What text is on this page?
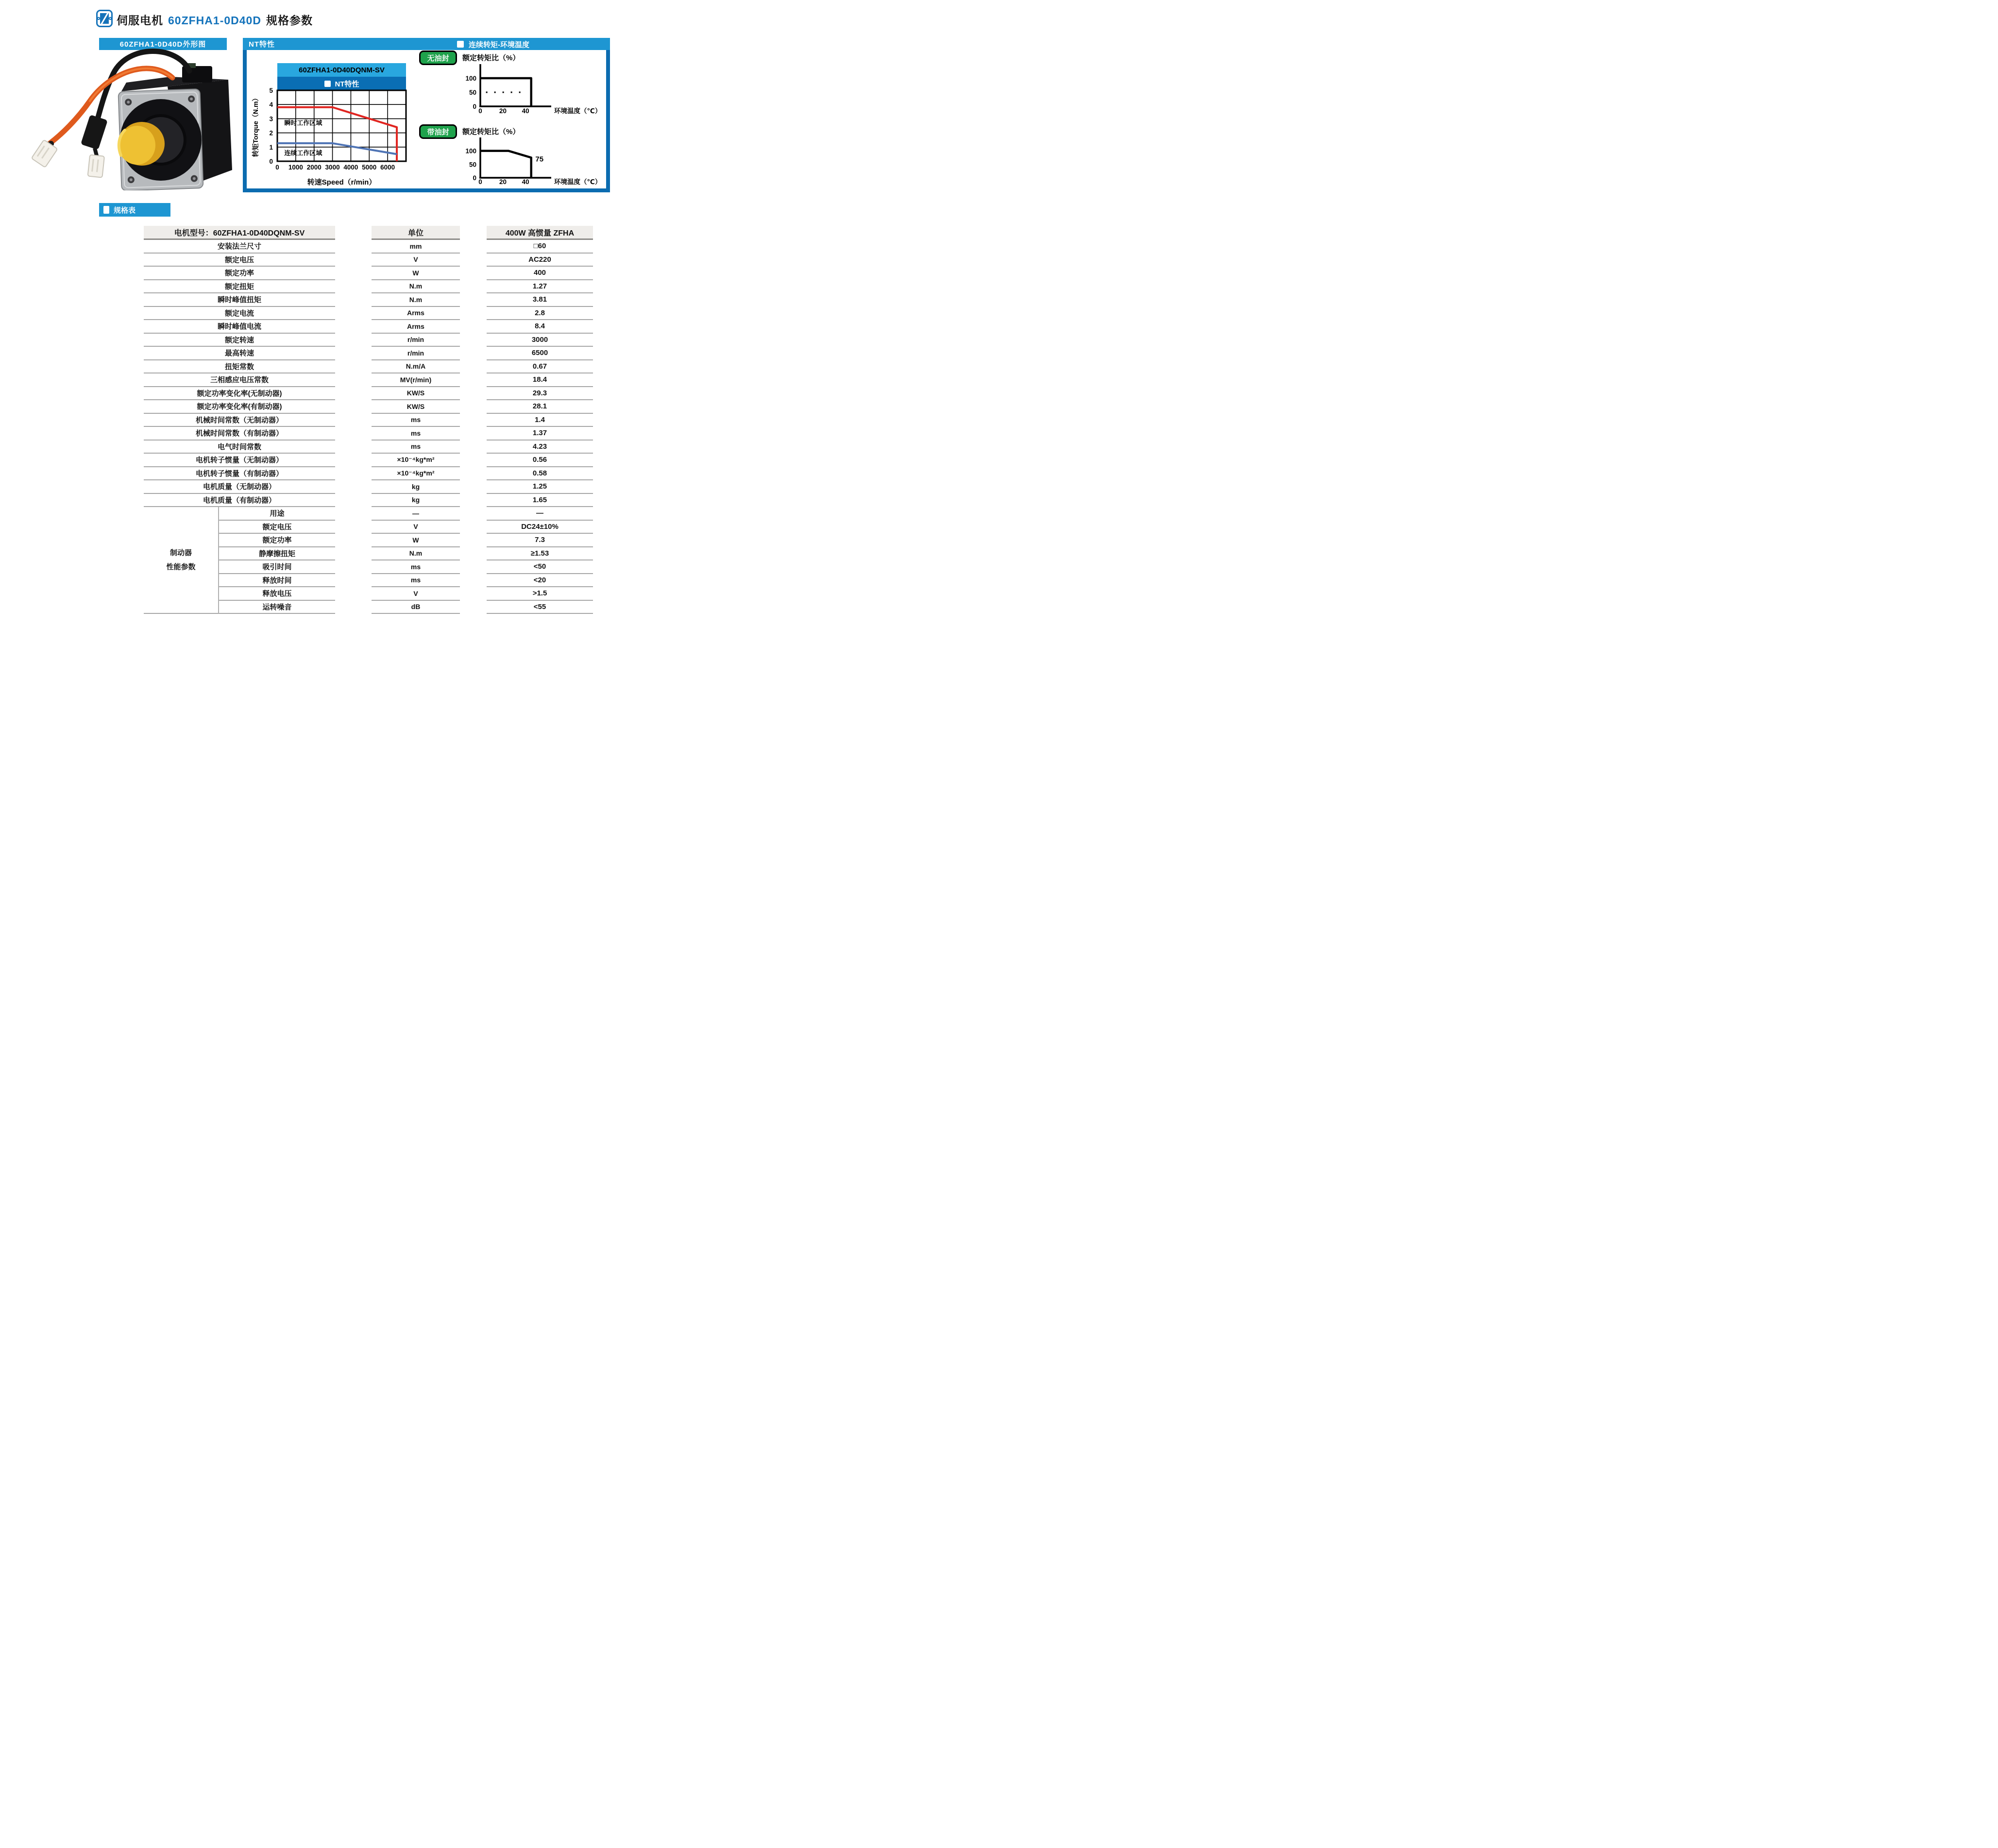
伺服电机 60ZFHA1-0D40D 规格参数
60ZFHA1-0D40D外形图	NT特性	连续转矩-环境温度
60ZFHA1-0D40DQNM-SV
NT特性
0 1000 2000 3000 4000 5000 6000
0
1
2
3
4
5
瞬时工作区域
连续工作区域
转速Speed（r/min）
转矩Torque（N.m）
无油封	额定转矩比（%）
0
50
100
0	20 40	环境温度（℃）
带油封	额定转矩比（%）
0
50
100
0	20 40
75
环境温度（℃）
规格表
电机型号：60ZFHA1-0D40DQNM-SV	单位	400W 高惯量 ZFHA
安装法兰尺寸	mm	□60
额定电压	V	AC220
额定功率	W	400
额定扭矩	N.m	1.27
瞬时峰值扭矩	N.m	3.81
额定电流	Arms	2.8
瞬时峰值电流	Arms	8.4
额定转速	r/min	3000
最高转速	r/min	6500
扭矩常数	N.m/A	0.67
三相感应电压常数	MV(r/min)	18.4
额定功率变化率(无制动器)	KW/S	29.3
额定功率变化率(有制动器)	KW/S	28.1
机械时间常数（无制动器）	ms	1.4
机械时间常数（有制动器）	ms	1.37
电气时间常数	ms	4.23
电机转子惯量（无制动器）	×10⁻⁴kg*m²	0.56
电机转子惯量（有制动器）	×10⁻⁴kg*m²	0.58
电机质量（无制动器）	kg	1.25
电机质量（有制动器）	kg	1.65
制动器
性能参数
用途	—	—
额定电压	V	DC24±10%
额定功率	W	7.3
静摩擦扭矩	N.m	≥1.53
吸引时间	ms	<50
释放时间	ms	<20
释放电压	V	>1.5
运转噪音	dB	<55
